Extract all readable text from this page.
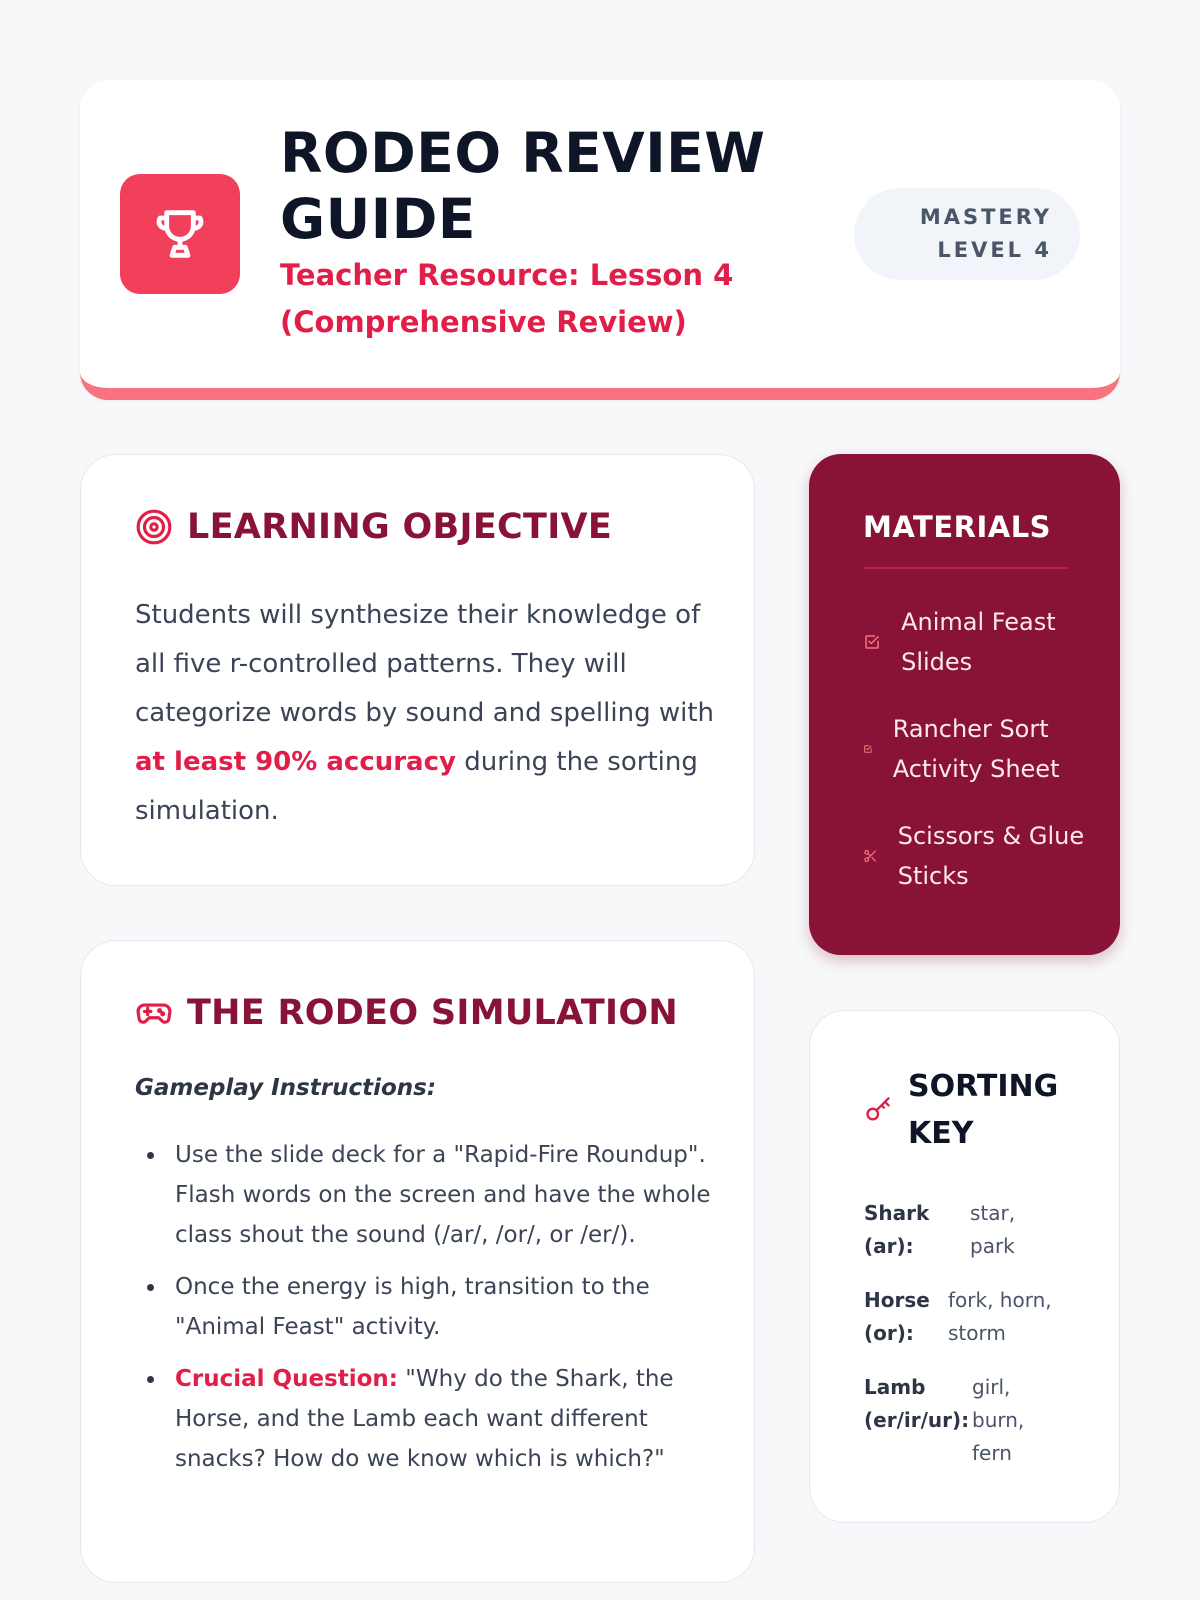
RODEO REVIEW GUIDE
Teacher Resource: Lesson 4 (Comprehensive Review)
MASTERY LEVEL 4
LEARNING OBJECTIVE

Students will synthesize their knowledge of all five r-controlled patterns. They will categorize words by sound and spelling with at least 90% accuracy during the sorting simulation.

THE RODEO SIMULATION
Gameplay Instructions:
Use the slide deck for a "Rapid-Fire Roundup". Flash words on the screen and have the whole class shout the sound (/ar/, /or/, or /er/).
Once the energy is high, transition to the "Animal Feast" activity.
Crucial Question: "Why do the Shark, the Horse, and the Lamb each want different snacks? How do we know which is which?"
MATERIALS
Animal Feast Slides
Rancher Sort Activity Sheet
Scissors & Glue Sticks
SORTING KEY
Shark (ar):
star, park
Horse (or):
fork, horn, storm
Lamb (er/ir/ur):
girl, burn, fern
